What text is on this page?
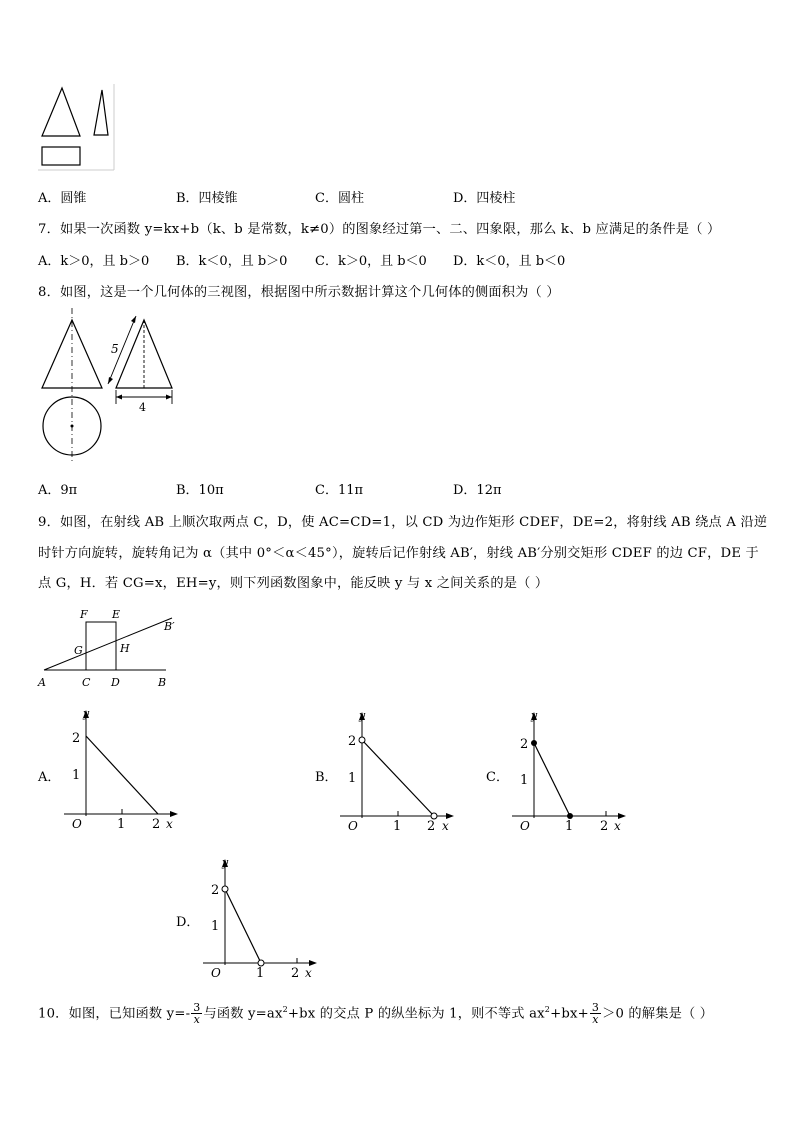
A．圆锥	B．四棱锥	C．圆柱	D．四棱柱
7．如果一次函数 y=kx+b（k、b 是常数，k≠0）的图象经过第一、二、四象限，那么 k、b 应满足的条件是（ ）
A．k＞0，且 b＞0 B．k＜0，且 b＞0 C．k＞0，且 b＜0 D．k＜0，且 b＜0
8．如图，这是一个几何体的三视图，根据图中所示数据计算这个几何体的侧面积为（ ）
5
4
A．9π	B．10π	C．11π	D．12π
9．如图，在射线 AB 上顺次取两点 C，D，使 AC=CD=1，以 CD 为边作矩形 CDEF，DE=2，将射线 AB 绕点 A 沿逆
时针方向旋转，旋转角记为 α（其中 0°＜α＜45°），旋转后记作射线 AB′，射线 AB′分别交矩形 CDEF 的边 CF，DE 于
点 G，H．若 CG=x，EH=y，则下列函数图象中，能反映 y 与 x 之间关系的是（ ）
F E
G	H
A	C D	B
B′
A．
y
2
1
O	1 2 x
B．
y
2
1
O	1 2 x
C．
y
2
1
O	1 2 x
D．
y
2
1
O	1 2 x
10．如图，已知函数 $y=- \frac{3}{x}$ 与函数 $y=ax^2+bx$ 的交点 P 的纵坐标为 1，则不等式 $ax^2+bx+ \frac{3}{x} >0$ 的解集是（ ）
